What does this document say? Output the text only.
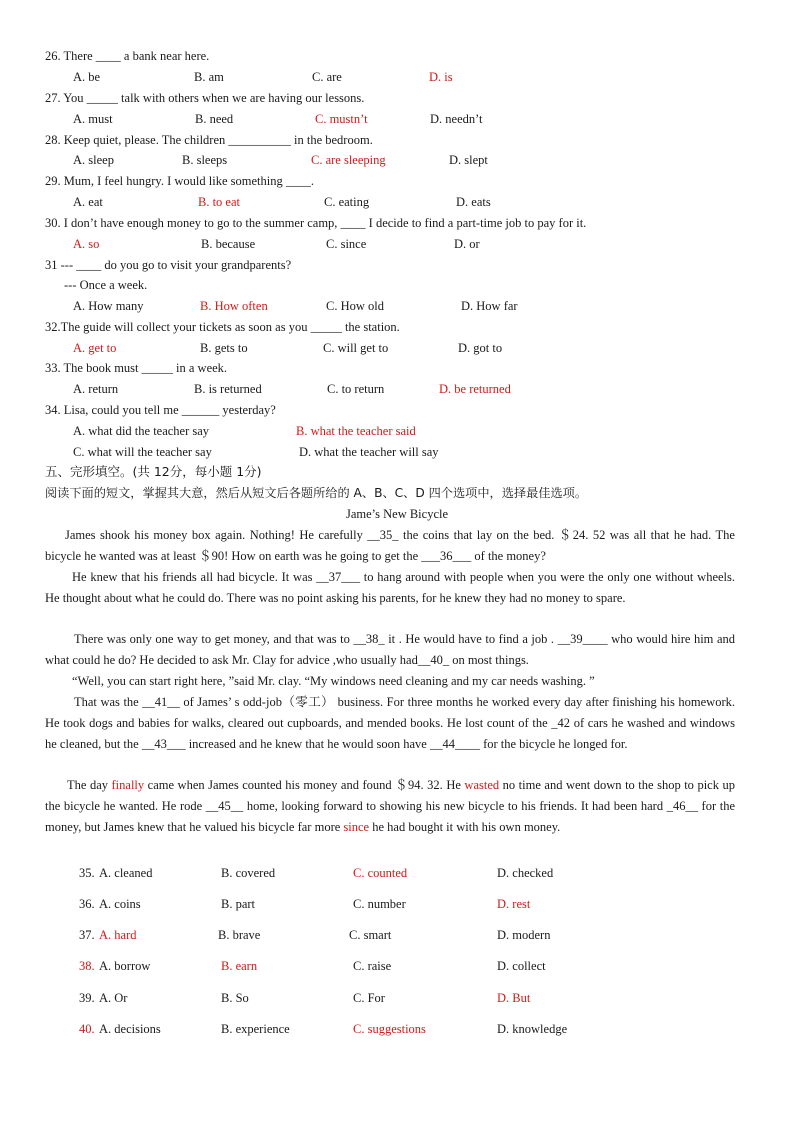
26. There ____ a bank near here.
A. be	B. am	C. are	D. is
27. You _____ talk with others when we are having our lessons.
A. must	B. need	C. mustn’t	D. needn’t
28. Keep quiet, please. The children __________ in the bedroom.
A. sleep	B. sleeps	C. are sleeping	D. slept
29. Mum, I feel hungry. I would like something ____.
A. eat	B. to eat	C. eating	D. eats
30. I don’t have enough money to go to the summer camp, ____ I decide to find a part-time job to pay for it.
A. so	B. because	C. since	D. or
31 --- ____ do you go to visit your grandparents?
--- Once a week.
A. How many	B. How often	C. How old	D. How far
32.The guide will collect your tickets as soon as you _____ the station.
A. get to	B. gets to	C. will get to	D. got to
33. The book must _____ in a week.
A. return	B. is returned	C. to return	D. be returned
34. Lisa, could you tell me ______ yesterday?
A. what did the teacher say	B. what the teacher said
C. what will the teacher say	D. what the teacher will say
五、完形填空。(共 12分，每小题 1分)
阅读下面的短文，掌握其大意，然后从短文后各题所给的 A、B、C、D 四个选项中，选择最佳选项。
Jame’s New Bicycle
James shook his money box again. Nothing! He carefully __35_ the coins that lay on the bed. ＄24. 52 was all that he had. The bicycle he wanted was at least ＄90! How on earth was he going to get the ___36___ of the money?
He knew that his friends all had bicycle. It was __37___ to hang around with people when you were the only one without wheels. He thought about what he could do. There was no point asking his parents, for he knew they had no money to spare.
There was only one way to get money, and that was to __38_ it . He would have to find a job . __39____ who would hire him and what could he do? He decided to ask Mr. Clay for advice ,who usually had__40_ on most things.
“Well, you can start right here, ”said Mr. clay. “My windows need cleaning and my car needs washing. ”
That was the __41__ of James’ s odd-job（零工） business. For three months he worked every day after finishing his homework. He took dogs and babies for walks, cleared out cupboards, and mended books. He lost count of the _42 of cars he washed and windows he cleaned, but the __43___ increased and he knew that he would soon have __44____ for the bicycle he longed for.
The day finally came when James counted his money and found ＄94. 32. He wasted no time and went down to the shop to pick up the bicycle he wanted. He rode __45__ home, looking forward to showing his new bicycle to his friends. It had been hard _46__ for the money, but James knew that he valued his bicycle far more since he had bought it with his own money.
35. A. cleaned	B. covered	C. counted	D. checked
36. A. coins	B. part	C. number	D. rest
37. A. hard	B. brave	C. smart	D. modern
38. A. borrow	B. earn	C. raise	D. collect
39. A. Or	B. So	C. For	D. But
40. A. decisions	B. experience	C. suggestions	D. knowledge
